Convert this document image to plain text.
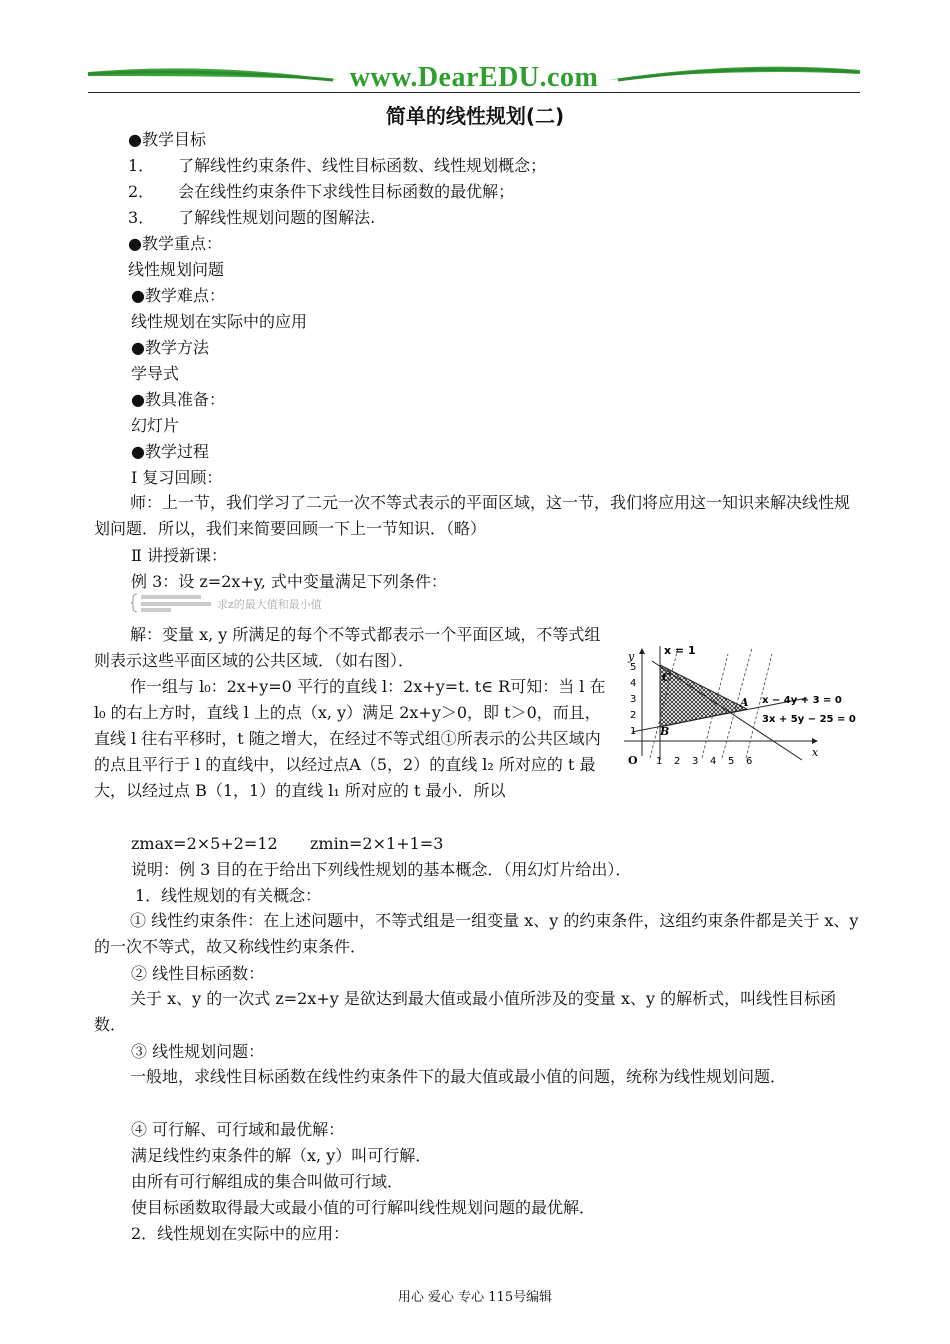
www.DearEDU.com
简单的线性规划(二)
●教学目标
1．　　了解线性约束条件、线性目标函数、线性规划概念；
2．　　会在线性约束条件下求线性目标函数的最优解；
3．　　了解线性规划问题的图解法.
●教学重点：
线性规划问题
●教学难点：
线性规划在实际中的应用
●教学方法
学导式
●教具准备：
幻灯片
●教学过程
Ⅰ 复习回顾：
师：上一节，我们学习了二元一次不等式表示的平面区域，这一节，我们将应用这一知识来解决线性规划问题．所以，我们来简要回顾一下上一节知识．（略）
Ⅱ 讲授新课：
例 3：设 z=2x+y, 式中变量满足下列条件：
求z的最大值和最小值
解：变量 x, y 所满足的每个不等式都表示一个平面区域，不等式组则表示这些平面区域的公共区域．（如右图）．
作一组与 l₀：2x+y=0 平行的直线 l：2x+y=t. t∈ R可知：当 l 在 l₀ 的右上方时，直线 l 上的点（x, y）满足 2x+y＞0，即 t＞0，而且，直线 l 往右平移时，t 随之增大，在经过不等式组①所表示的公共区域内的点且平行于 l 的直线中，以经过点A（5，2）的直线 l₂ 所对应的 t 最大，以经过点 B（1，1）的直线 l₁ 所对应的 t 最小．所以
zmax=2×5+2=12 zmin=2×1+1=3
说明：例 3 目的在于给出下列线性规划的基本概念．（用幻灯片给出）．
1．线性规划的有关概念：
① 线性约束条件：在上述问题中，不等式组是一组变量 x、y 的约束条件，这组约束条件都是关于 x、y 的一次不等式，故又称线性约束条件．
② 线性目标函数：
关于 x、y 的一次式 z=2x+y 是欲达到最大值或最小值所涉及的变量 x、y 的解析式，叫线性目标函数．
③ 线性规划问题：
一般地，求线性目标函数在线性约束条件下的最大值或最小值的问题，统称为线性规划问题．
④ 可行解、可行域和最优解：
满足线性约束条件的解（x, y）叫可行解．
由所有可行解组成的集合叫做可行域．
使目标函数取得最大或最小值的可行解叫线性规划问题的最优解．
2．线性规划在实际中的应用：
y
x
O
x = 1
C
B
A x − 4y + 3 = 0
3x + 5y − 25 = 0
5
4
3
2
1
1 2 3 4 5 6
用心 爱心 专心 115号编辑
